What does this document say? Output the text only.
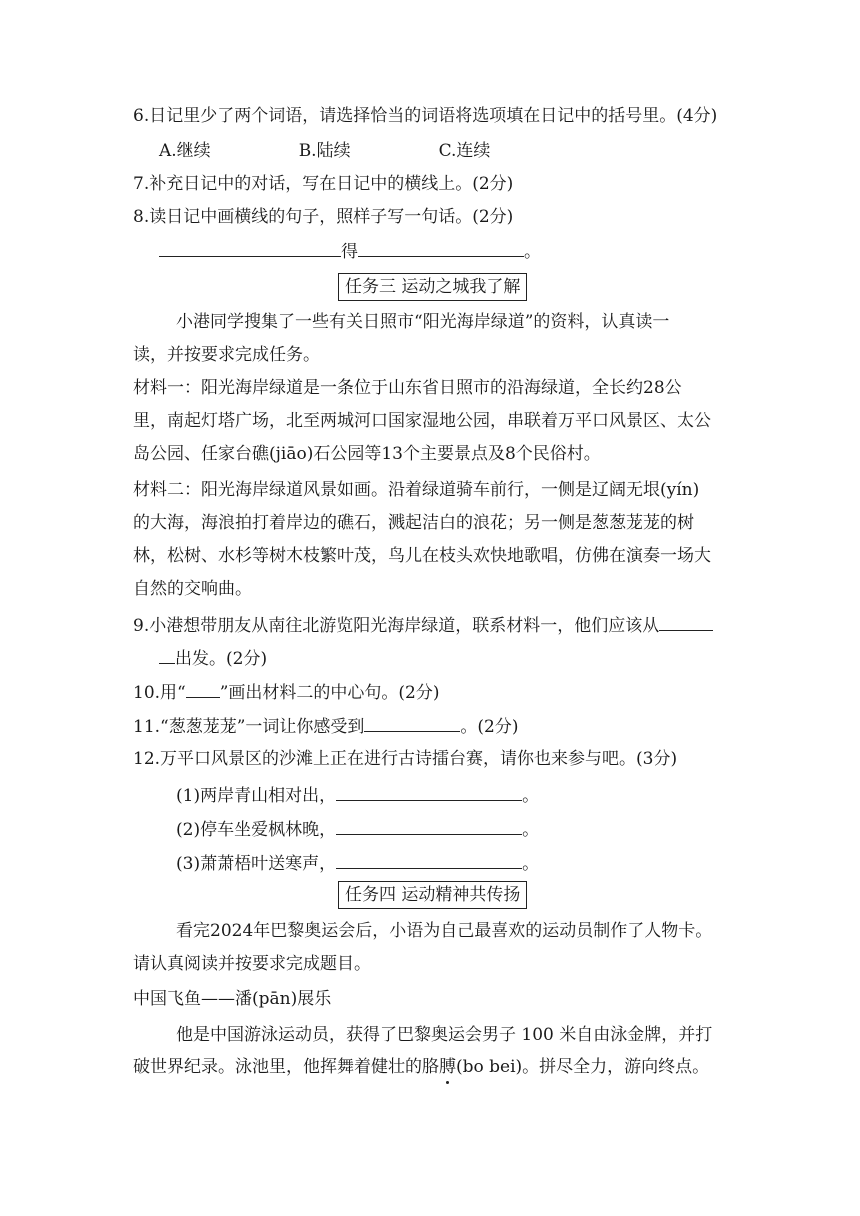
6.日记里少了两个词语，请选择恰当的词语将选项填在日记中的括号里。(4分)
A.继续	B.陆续	C.连续
7.补充日记中的对话，写在日记中的横线上。(2分)
8.读日记中画横线的句子，照样子写一句话。(2分)
得	。
任务三 运动之城我了解
小港同学搜集了一些有关日照市“阳光海岸绿道”的资料，认真读一
读，并按要求完成任务。
材料一：阳光海岸绿道是一条位于山东省日照市的沿海绿道，全长约28公
里，南起灯塔广场，北至两城河口国家湿地公园，串联着万平口风景区、太公
岛公园、任家台礁(jiāo)石公园等13个主要景点及8个民俗村。
材料二：阳光海岸绿道风景如画。沿着绿道骑车前行，一侧是辽阔无垠(yín)
的大海，海浪拍打着岸边的礁石，溅起洁白的浪花；另一侧是葱葱茏茏的树
林，松树、水杉等树木枝繁叶茂，鸟儿在枝头欢快地歌唱，仿佛在演奏一场大
自然的交响曲。
9.小港想带朋友从南往北游览阳光海岸绿道，联系材料一，他们应该从
出发。(2分)
10.用“ ”画出材料二的中心句。(2分)
11.“葱葱茏茏”一词让你感受到	。(2分)
12.万平口风景区的沙滩上正在进行古诗擂台赛，请你也来参与吧。(3分)
(1)两岸青山相对出，	。
(2)停车坐爱枫林晚，	。
(3)萧萧梧叶送寒声，	。
任务四 运动精神共传扬
看完2024年巴黎奥运会后，小语为自己最喜欢的运动员制作了人物卡。
请认真阅读并按要求完成题目。
中国飞鱼——潘(pān)展乐
他是中国游泳运动员，获得了巴黎奥运会男子 100 米自由泳金牌，并打
破世界纪录。泳池里，他挥舞着健壮的胳膊(bo bei)。拼尽全力，游向终点。
